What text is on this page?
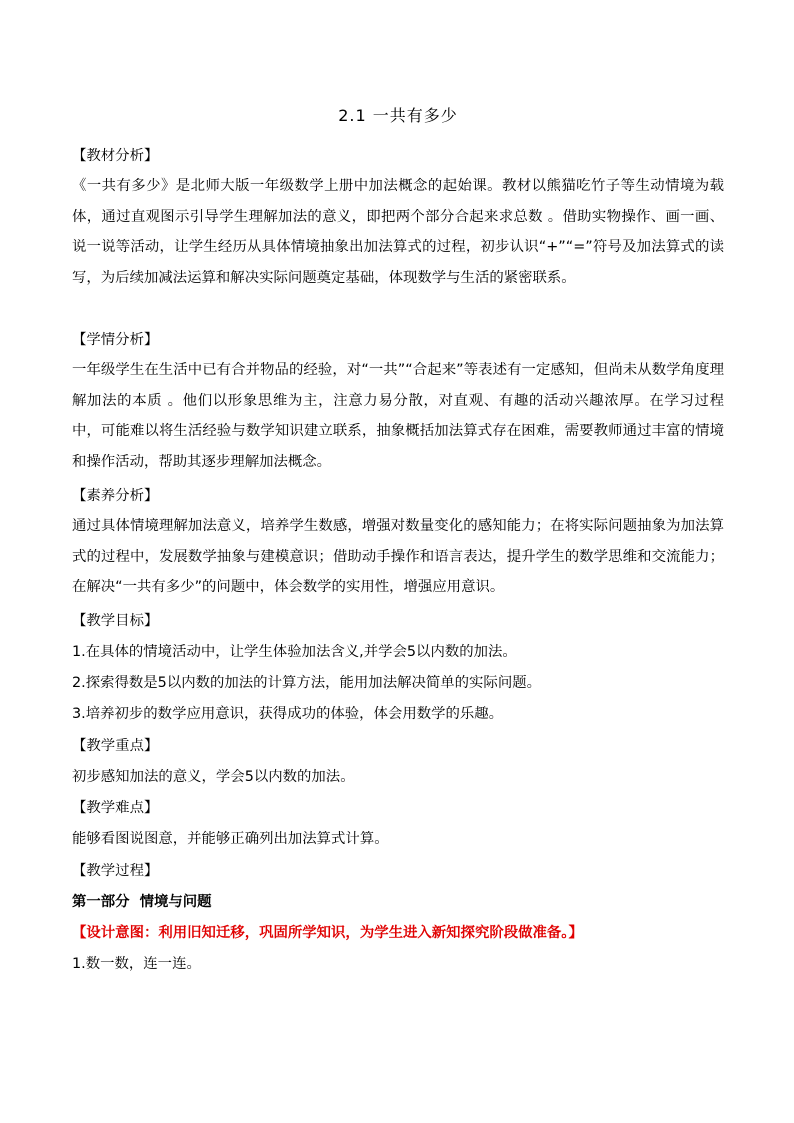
2.1 一共有多少
【教材分析】
《一共有多少》是北师大版一年级数学上册中加法概念的起始课。教材以熊猫吃竹子等生动情境为载体，通过直观图示引导学生理解加法的意义，即把两个部分合起来求总数 。借助实物操作、画一画、说一说等活动，让学生经历从具体情境抽象出加法算式的过程，初步认识“+”“=”符号及加法算式的读写，为后续加减法运算和解决实际问题奠定基础，体现数学与生活的紧密联系。
【学情分析】
一年级学生在生活中已有合并物品的经验，对“一共”“合起来”等表述有一定感知，但尚未从数学角度理解加法的本质 。他们以形象思维为主，注意力易分散，对直观、有趣的活动兴趣浓厚。在学习过程中，可能难以将生活经验与数学知识建立联系，抽象概括加法算式存在困难，需要教师通过丰富的情境和操作活动，帮助其逐步理解加法概念。
【素养分析】
通过具体情境理解加法意义，培养学生数感，增强对数量变化的感知能力；在将实际问题抽象为加法算式的过程中，发展数学抽象与建模意识；借助动手操作和语言表达，提升学生的数学思维和交流能力；在解决“一共有多少”的问题中，体会数学的实用性，增强应用意识。
【教学目标】
1.在具体的情境活动中，让学生体验加法含义,并学会5以内数的加法。
2.探索得数是5以内数的加法的计算方法，能用加法解决简单的实际问题。
3.培养初步的数学应用意识，获得成功的体验，体会用数学的乐趣。
【教学重点】
初步感知加法的意义，学会5以内数的加法。
【教学难点】
能够看图说图意，并能够正确列出加法算式计算。
【教学过程】
第一部分  情境与问题
【设计意图：利用旧知迁移，巩固所学知识，为学生进入新知探究阶段做准备。】
1.数一数，连一连。
